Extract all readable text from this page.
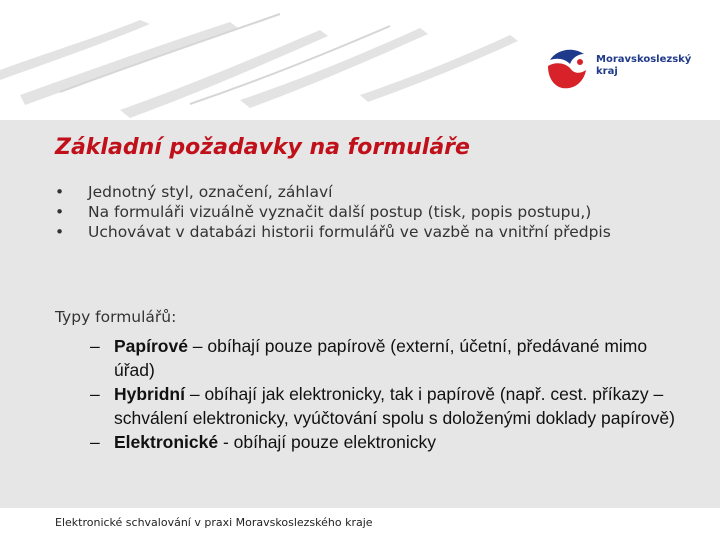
Moravskoslezský
kraj
Základní požadavky na formuláře
• Jednotný styl, označení, záhlaví
• Na formuláři vizuálně vyznačit další postup (tisk, popis postupu,)
• Uchovávat v databázi historii formulářů ve vazbě na vnitřní předpis
Typy formulářů:
– Papírové – obíhají pouze papírově (externí, účetní, předávané mimo úřad)
– Hybridní – obíhají jak elektronicky, tak i papírově (např. cest. příkazy – schválení elektronicky, vyúčtování spolu s doloženými doklady papírově)
– Elektronické - obíhají pouze elektronicky
Elektronické schvalování v praxi Moravskoslezského kraje
